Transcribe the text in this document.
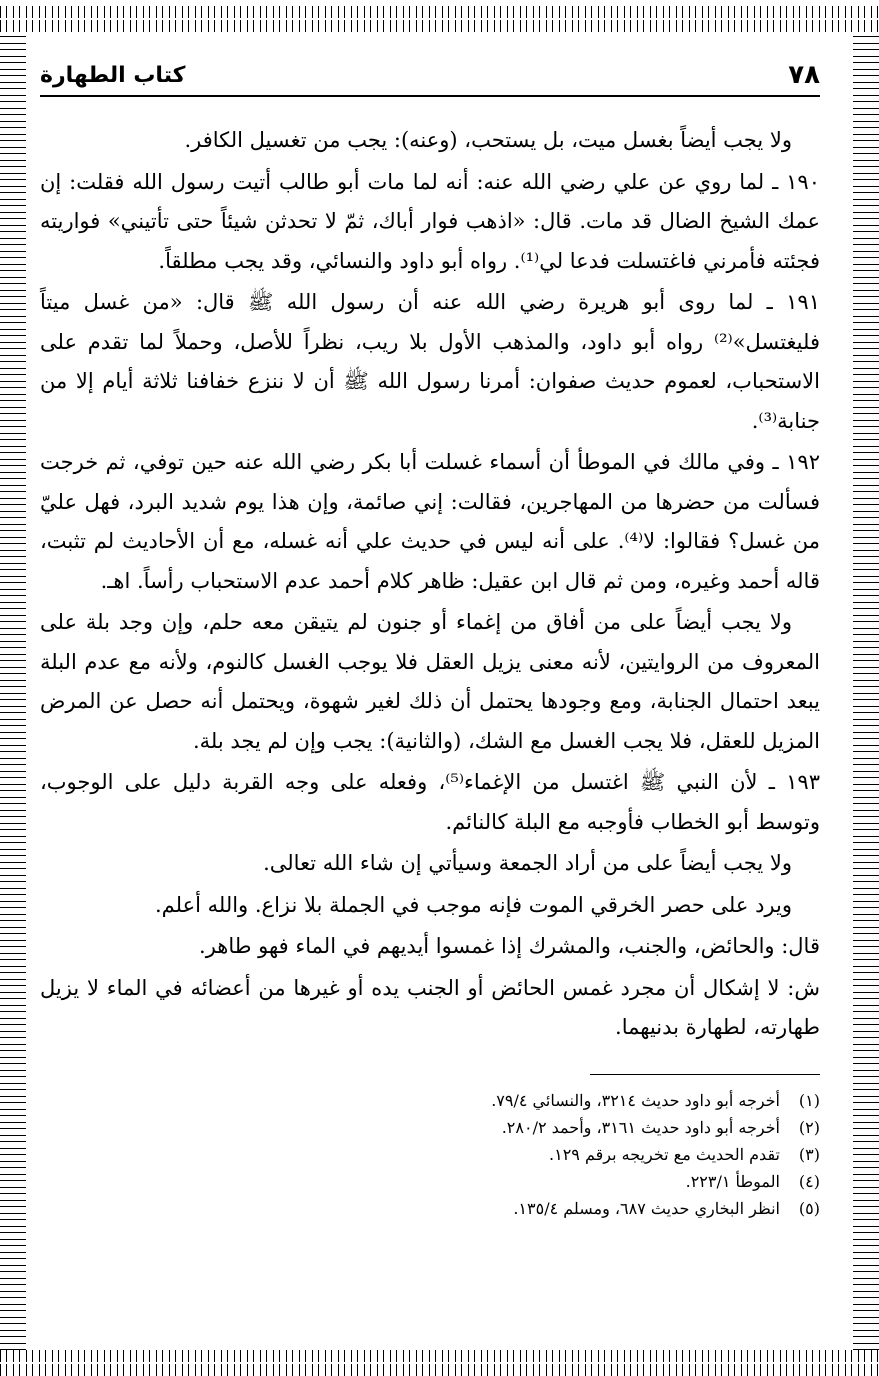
٧٨
كتاب الطهارة

ولا يجب أيضاً بغسل ميت، بل يستحب، (وعنه): يجب من تغسيل الكافر.

١٩٠ ـ لما روي عن علي رضي الله عنه: أنه لما مات أبو طالب أتيت رسول الله فقلت: إن عمك الشيخ الضال قد مات. قال: «اذهب فوار أباك، ثمّ لا تحدثن شيئاً حتى تأتيني» فواريته فجئته فأمرني فاغتسلت فدعا لي⁽¹⁾. رواه أبو داود والنسائي، وقد يجب مطلقاً.

١٩١ ـ لما روى أبو هريرة رضي الله عنه أن رسول الله ﷺ قال: «من غسل ميتاً فليغتسل»⁽²⁾ رواه أبو داود، والمذهب الأول بلا ريب، نظراً للأصل، وحملاً لما تقدم على الاستحباب، لعموم حديث صفوان: أمرنا رسول الله ﷺ أن لا ننزع خفافنا ثلاثة أيام إلا من جنابة⁽³⁾.

١٩٢ ـ وفي مالك في الموطأ أن أسماء غسلت أبا بكر رضي الله عنه حين توفي، ثم خرجت فسألت من حضرها من المهاجرين، فقالت: إني صائمة، وإن هذا يوم شديد البرد، فهل عليّ من غسل؟ فقالوا: لا⁽⁴⁾. على أنه ليس في حديث علي أنه غسله، مع أن الأحاديث لم تثبت، قاله أحمد وغيره، ومن ثم قال ابن عقيل: ظاهر كلام أحمد عدم الاستحباب رأساً. اهـ.

ولا يجب أيضاً على من أفاق من إغماء أو جنون لم يتيقن معه حلم، وإن وجد بلة على المعروف من الروايتين، لأنه معنى يزيل العقل فلا يوجب الغسل كالنوم، ولأنه مع عدم البلة يبعد احتمال الجنابة، ومع وجودها يحتمل أن ذلك لغير شهوة، ويحتمل أنه حصل عن المرض المزيل للعقل، فلا يجب الغسل مع الشك، (والثانية): يجب وإن لم يجد بلة.

١٩٣ ـ لأن النبي ﷺ اغتسل من الإغماء⁽⁵⁾، وفعله على وجه القربة دليل على الوجوب، وتوسط أبو الخطاب فأوجبه مع البلة كالنائم.

ولا يجب أيضاً على من أراد الجمعة وسيأتي إن شاء الله تعالى.

ويرد على حصر الخرقي الموت فإنه موجب في الجملة بلا نزاع. والله أعلم.

قال: والحائض، والجنب، والمشرك إذا غمسوا أيديهم في الماء فهو طاهر.

ش: لا إشكال أن مجرد غمس الحائض أو الجنب يده أو غيرها من أعضائه في الماء لا يزيل طهارته، لطهارة بدنيهما.

(١)
أخرجه أبو داود حديث ٣٢١٤، والنسائي ٧٩/٤.
(٢)
أخرجه أبو داود حديث ٣١٦١، وأحمد ٢٨٠/٢.
(٣)
تقدم الحديث مع تخريجه برقم ١٢٩.
(٤)
الموطأ ٢٢٣/١.
(٥)
انظر البخاري حديث ٦٨٧، ومسلم ١٣٥/٤.
